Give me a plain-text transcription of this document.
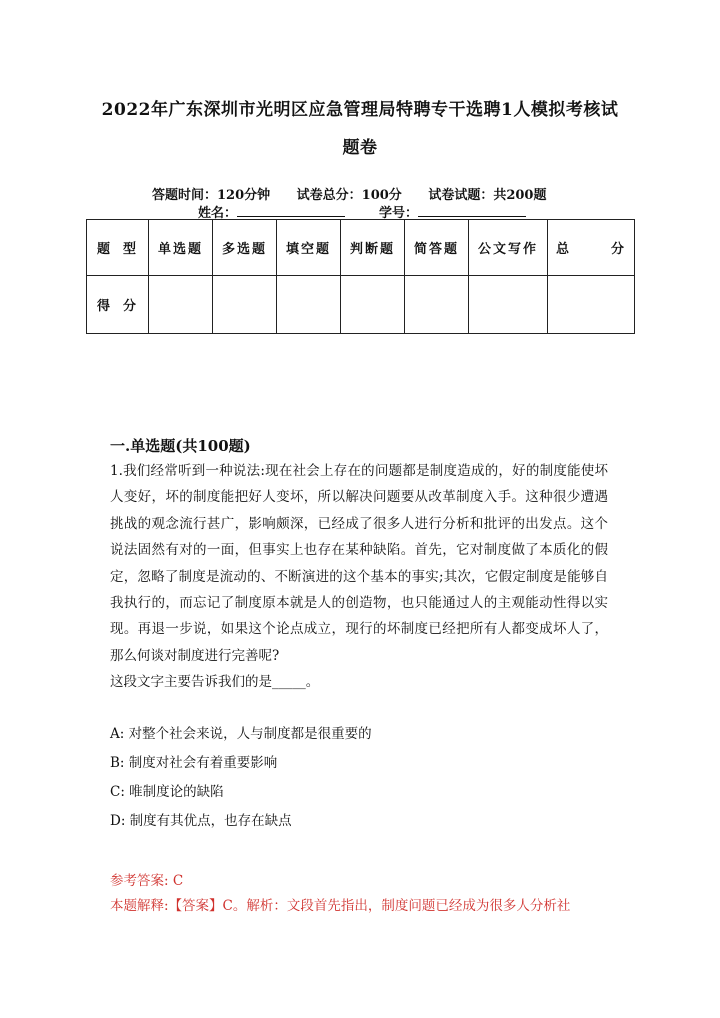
2022年广东深圳市光明区应急管理局特聘专干选聘1人模拟考核试
题卷
答题时间：120分钟 试卷总分：100分 试卷试题：共200题
姓名：	学号：
题型	单选题	多选题	填空题	判断题	简答题	公文写作	总分
得分							
一.单选题(共100题)

1.我们经常听到一种说法:现在社会上存在的问题都是制度造成的，好的制度能使坏人变好，坏的制度能把好人变坏，所以解决问题要从改革制度入手。这种很少遭遇挑战的观念流行甚广，影响颇深，已经成了很多人进行分析和批评的出发点。这个说法固然有对的一面，但事实上也存在某种缺陷。首先，它对制度做了本质化的假定，忽略了制度是流动的、不断演进的这个基本的事实;其次，它假定制度是能够自我执行的，而忘记了制度原本就是人的创造物，也只能通过人的主观能动性得以实现。再退一步说，如果这个论点成立，现行的坏制度已经把所有人都变成坏人了，那么何谈对制度进行完善呢?

这段文字主要告诉我们的是_____。

A: 对整个社会来说，人与制度都是很重要的
B: 制度对社会有着重要影响
C: 唯制度论的缺陷
D: 制度有其优点，也存在缺点
参考答案: C
本题解释:【答案】C。解析：文段首先指出，制度问题已经成为很多人分析社
